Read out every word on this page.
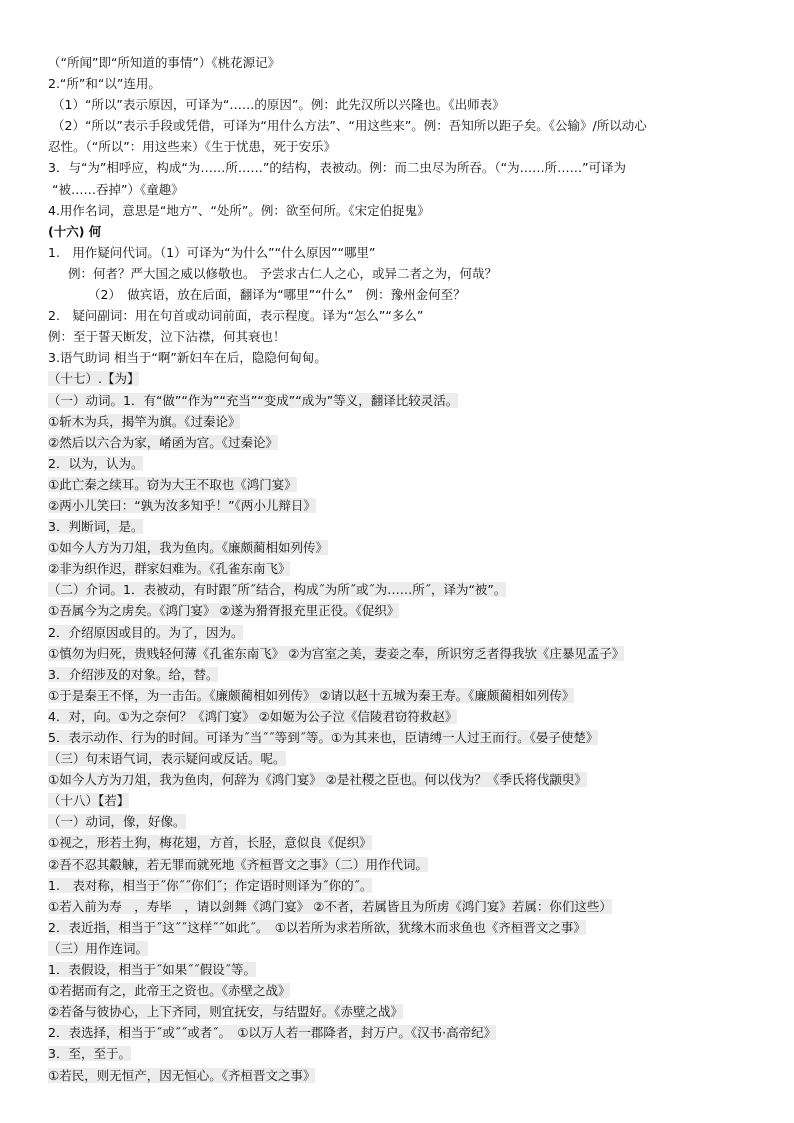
（“所闻”即“所知道的事情”）《桃花源记》
2.“所”和“以”连用。
（1）“所以”表示原因，可译为“……的原因”。例：此先汉所以兴隆也。《出师表》
（2）“所以”表示手段或凭借，可译为“用什么方法”、“用这些来”。例：吾知所以距子矣。《公输》/所以动心
忍性。（“所以”：用这些来）《生于忧患，死于安乐》
3．与“为”相呼应，构成“为……所……”的结构，表被动。例：而二虫尽为所吞。（“为……所……”可译为
“被……吞掉”）《童趣》
4.用作名词，意思是“地方”、“处所”。例：欲至何所。《宋定伯捉鬼》
(十六) 何
1.　用作疑问代词。（1）可译为“为什么”“什么原因”“哪里”
例：何者？严大国之威以修敬也。 予尝求古仁人之心，或异二者之为，何哉？
（2）　做宾语，放在后面，翻译为“哪里”“什么”　例：豫州金何至？
2.　疑问副词：用在句首或动词前面，表示程度。译为“怎么”“多么”
例：至于誓天断发，泣下沾襟，何其衰也！
3.语气助词 相当于“啊”新妇车在后，隐隐何甸甸。
（十七）.【为】
（一）动词。1．有“做”“作为”“充当”“变成”“成为”等义，翻译比较灵活。
①斩木为兵，揭竿为旗。《过秦论》
②然后以六合为家，崤函为宫。《过秦论》
2．以为，认为。
①此亡秦之续耳。窃为大王不取也《鸿门宴》
②两小儿笑曰：“孰为汝多知乎！”《两小儿辩日》
3．判断词，是。
①如今人方为刀俎，我为鱼肉。《廉颇蔺相如列传》
②非为织作迟，群家妇难为。《孔雀东南飞》
（二）介词。1．表被动，有时跟˝所˝结合，构成˝为所˝或˝为……所˝，译为“被”。
①吾属今为之虏矣。《鸿门宴》 ②遂为猾胥报充里正役。《促织》
2．介绍原因或目的。为了，因为。
①慎勿为归死，贵贱轻何薄《孔雀东南飞》 ②为宫室之美，妻妾之奉，所识穷乏者得我欤《庄暴见孟子》
3．介绍涉及的对象。给，替。
①于是秦王不怿，为一击缶。《廉颇蔺相如列传》 ②请以赵十五城为秦王寿。《廉颇蔺相如列传》
4．对，向。①为之奈何？《鸿门宴》 ②如姬为公子泣《信陵君窃符救赵》
5．表示动作、行为的时间。可译为˝当˝˝等到˝等。①为其来也，臣请缚一人过王而行。《晏子使楚》
（三）句末语气词，表示疑问或反话。呢。
①如今人方为刀俎，我为鱼肉，何辞为《鸿门宴》 ②是社稷之臣也。何以伐为？《季氏将伐颛臾》
（十八）【若】
（一）动词，像，好像。
①视之，形若土狗，梅花翅，方首，长胫，意似良《促织》
②吾不忍其觳觫，若无罪而就死地《齐桓晋文之事》（二）用作代词。
1.　表对称，相当于˝你˝˝你们˝；作定语时则译为˝你的˝。
①若入前为寿　，寿毕　，请以剑舞《鸿门宴》 ②不者，若属皆且为所虏《鸿门宴》若属：你们这些）
2．表近指，相当于˝这˝˝这样˝˝如此˝。　①以若所为求若所欲，犹缘木而求鱼也《齐桓晋文之事》
（三）用作连词。
1．表假设，相当于˝如果˝˝假设˝等。
①若据而有之，此帝王之资也。《赤壁之战》
②若备与彼协心，上下齐同，则宜抚安，与结盟好。《赤壁之战》
2．表选择，相当于˝或˝˝或者˝。　①以万人若一郡降者，封万户。《汉书·高帝纪》
3．至，至于。
①若民，则无恒产，因无恒心。《齐桓晋文之事》
